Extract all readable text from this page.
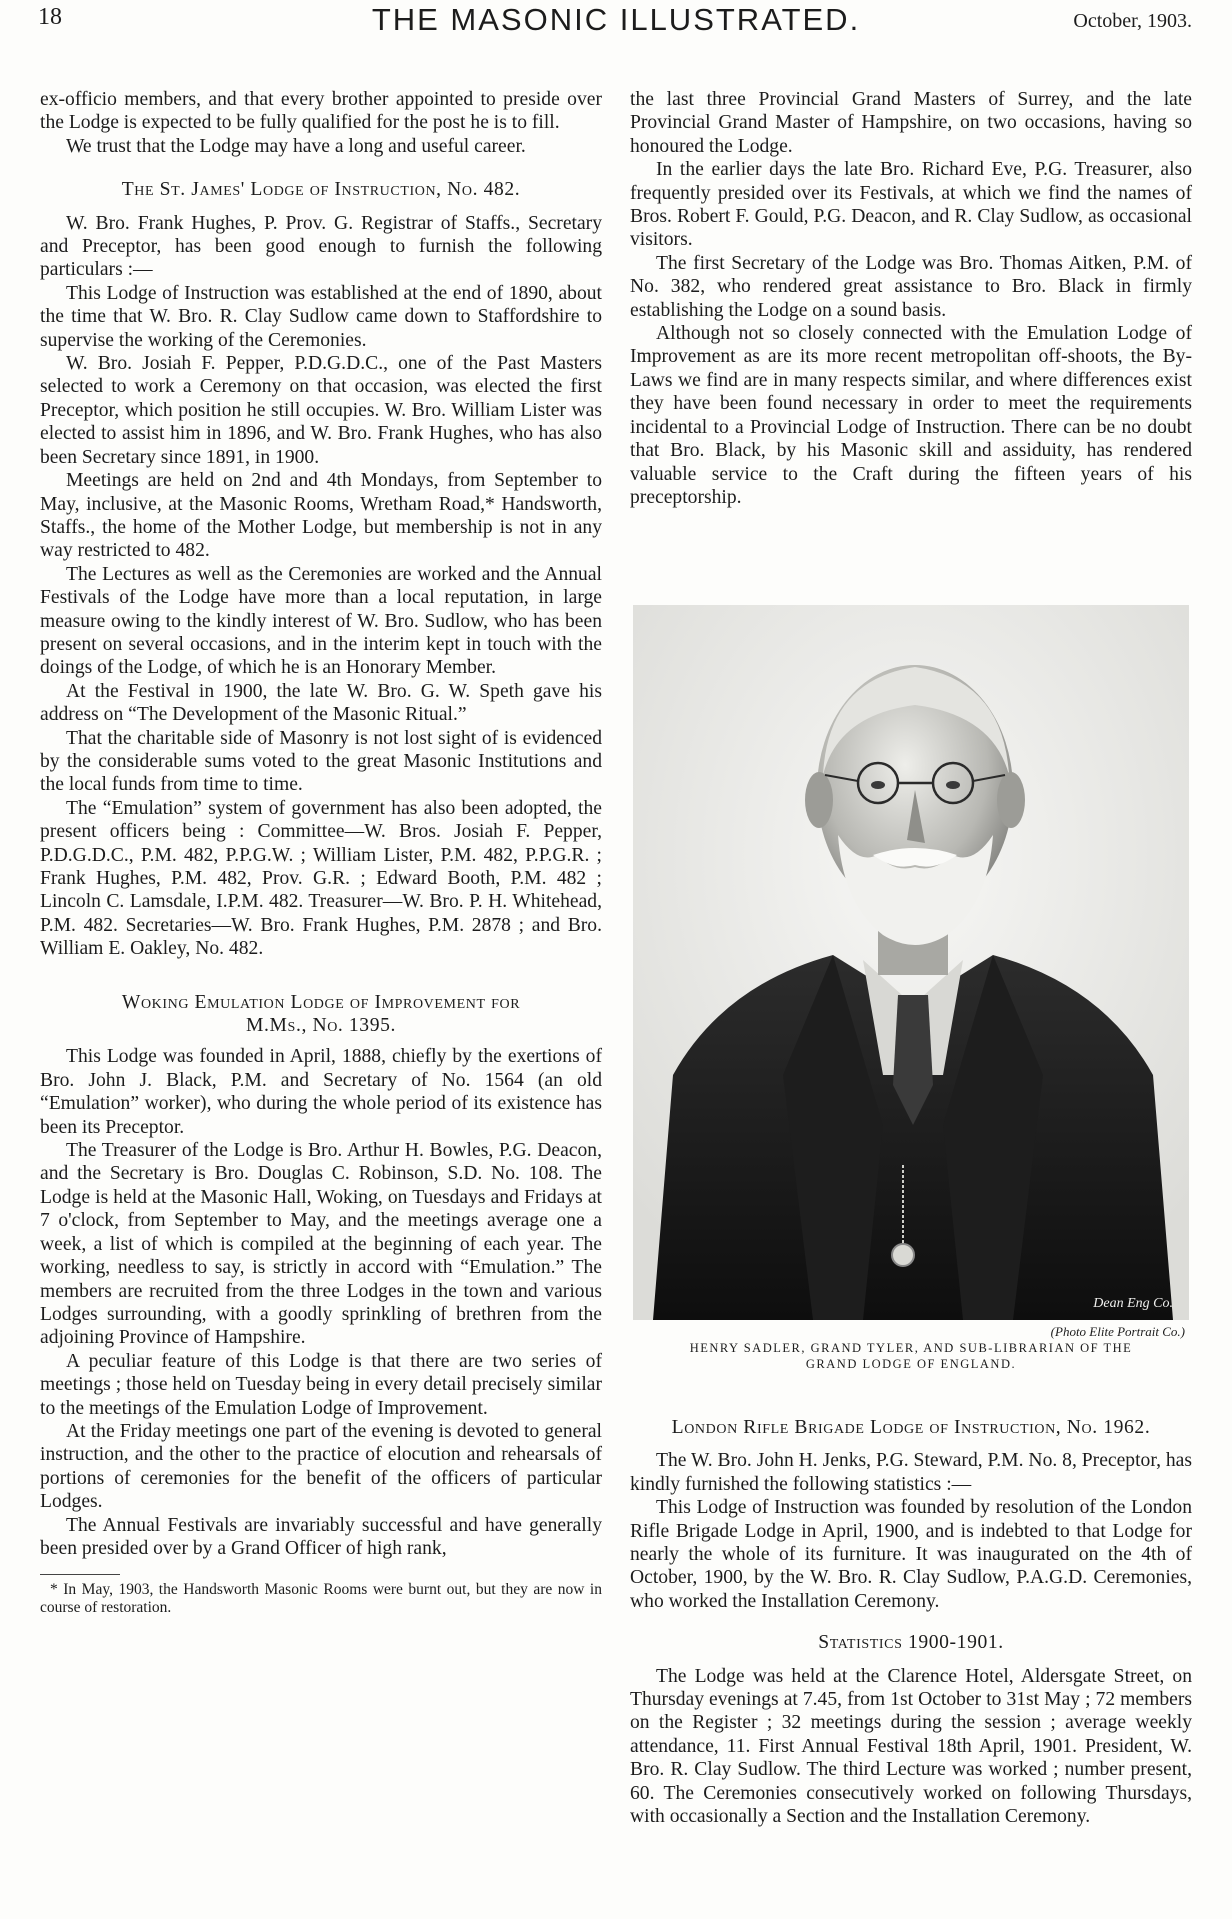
18	THE MASONIC ILLUSTRATED.	October, 1903.

ex-officio members, and that every brother appointed to preside over the Lodge is expected to be fully qualified for the post he is to fill.

We trust that the Lodge may have a long and useful career.

The St. James' Lodge of Instruction, No. 482.

W. Bro. Frank Hughes, P. Prov. G. Registrar of Staffs., Secretary and Preceptor, has been good enough to furnish the following particulars :—

This Lodge of Instruction was established at the end of 1890, about the time that W. Bro. R. Clay Sudlow came down to Staffordshire to supervise the working of the Ceremonies.

W. Bro. Josiah F. Pepper, P.D.G.D.C., one of the Past Masters selected to work a Ceremony on that occasion, was elected the first Preceptor, which position he still occupies. W. Bro. William Lister was elected to assist him in 1896, and W. Bro. Frank Hughes, who has also been Secretary since 1891, in 1900.

Meetings are held on 2nd and 4th Mondays, from September to May, inclusive, at the Masonic Rooms, Wretham Road,* Handsworth, Staffs., the home of the Mother Lodge, but membership is not in any way restricted to 482.

The Lectures as well as the Ceremonies are worked and the Annual Festivals of the Lodge have more than a local reputation, in large measure owing to the kindly interest of W. Bro. Sudlow, who has been present on several occasions, and in the interim kept in touch with the doings of the Lodge, of which he is an Honorary Member.

At the Festival in 1900, the late W. Bro. G. W. Speth gave his address on “The Development of the Masonic Ritual.”

That the charitable side of Masonry is not lost sight of is evidenced by the considerable sums voted to the great Masonic Institutions and the local funds from time to time.

The “Emulation” system of government has also been adopted, the present officers being : Committee—W. Bros. Josiah F. Pepper, P.D.G.D.C., P.M. 482, P.P.G.W. ; William Lister, P.M. 482, P.P.G.R. ; Frank Hughes, P.M. 482, Prov. G.R. ; Edward Booth, P.M. 482 ; Lincoln C. Lamsdale, I.P.M. 482. Treasurer—W. Bro. P. H. Whitehead, P.M. 482. Secretaries—W. Bro. Frank Hughes, P.M. 2878 ; and Bro. William E. Oakley, No. 482.

Woking Emulation Lodge of Improvement for
M.Ms., No. 1395.

This Lodge was founded in April, 1888, chiefly by the exertions of Bro. John J. Black, P.M. and Secretary of No. 1564 (an old “Emulation” worker), who during the whole period of its existence has been its Preceptor.

The Treasurer of the Lodge is Bro. Arthur H. Bowles, P.G. Deacon, and the Secretary is Bro. Douglas C. Robinson, S.D. No. 108. The Lodge is held at the Masonic Hall, Woking, on Tuesdays and Fridays at 7 o'clock, from September to May, and the meetings average one a week, a list of which is compiled at the beginning of each year. The working, needless to say, is strictly in accord with “Emulation.” The members are recruited from the three Lodges in the town and various Lodges surrounding, with a goodly sprinkling of brethren from the adjoining Province of Hampshire.

A peculiar feature of this Lodge is that there are two series of meetings ; those held on Tuesday being in every detail precisely similar to the meetings of the Emulation Lodge of Improvement.

At the Friday meetings one part of the evening is devoted to general instruction, and the other to the practice of elocution and rehearsals of portions of ceremonies for the benefit of the officers of particular Lodges.

The Annual Festivals are invariably successful and have generally been presided over by a Grand Officer of high rank,

* In May, 1903, the Handsworth Masonic Rooms were burnt out, but they are now in course of restoration.

the last three Provincial Grand Masters of Surrey, and the late Provincial Grand Master of Hampshire, on two occasions, having so honoured the Lodge.

In the earlier days the late Bro. Richard Eve, P.G. Treasurer, also frequently presided over its Festivals, at which we find the names of Bros. Robert F. Gould, P.G. Deacon, and R. Clay Sudlow, as occasional visitors.

The first Secretary of the Lodge was Bro. Thomas Aitken, P.M. of No. 382, who rendered great assistance to Bro. Black in firmly establishing the Lodge on a sound basis.

Although not so closely connected with the Emulation Lodge of Improvement as are its more recent metropolitan off-shoots, the By-Laws we find are in many respects similar, and where differences exist they have been found necessary in order to meet the requirements incidental to a Provincial Lodge of Instruction. There can be no doubt that Bro. Black, by his Masonic skill and assiduity, has rendered valuable service to the Craft during the fifteen years of his preceptorship.

Dean Eng Co.
(Photo Elite Portrait Co.)
HENRY SADLER, GRAND TYLER, AND SUB-LIBRARIAN OF THE
GRAND LODGE OF ENGLAND.
London Rifle Brigade Lodge of Instruction, No. 1962.

The W. Bro. John H. Jenks, P.G. Steward, P.M. No. 8, Preceptor, has kindly furnished the following statistics :—

This Lodge of Instruction was founded by resolution of the London Rifle Brigade Lodge in April, 1900, and is indebted to that Lodge for nearly the whole of its furniture. It was inaugurated on the 4th of October, 1900, by the W. Bro. R. Clay Sudlow, P.A.G.D. Ceremonies, who worked the Installation Ceremony.

Statistics 1900-1901.

The Lodge was held at the Clarence Hotel, Aldersgate Street, on Thursday evenings at 7.45, from 1st October to 31st May ; 72 members on the Register ; 32 meetings during the session ; average weekly attendance, 11. First Annual Festival 18th April, 1901. President, W. Bro. R. Clay Sudlow. The third Lecture was worked ; number present, 60. The Ceremonies consecutively worked on following Thursdays, with occasionally a Section and the Installation Ceremony.
